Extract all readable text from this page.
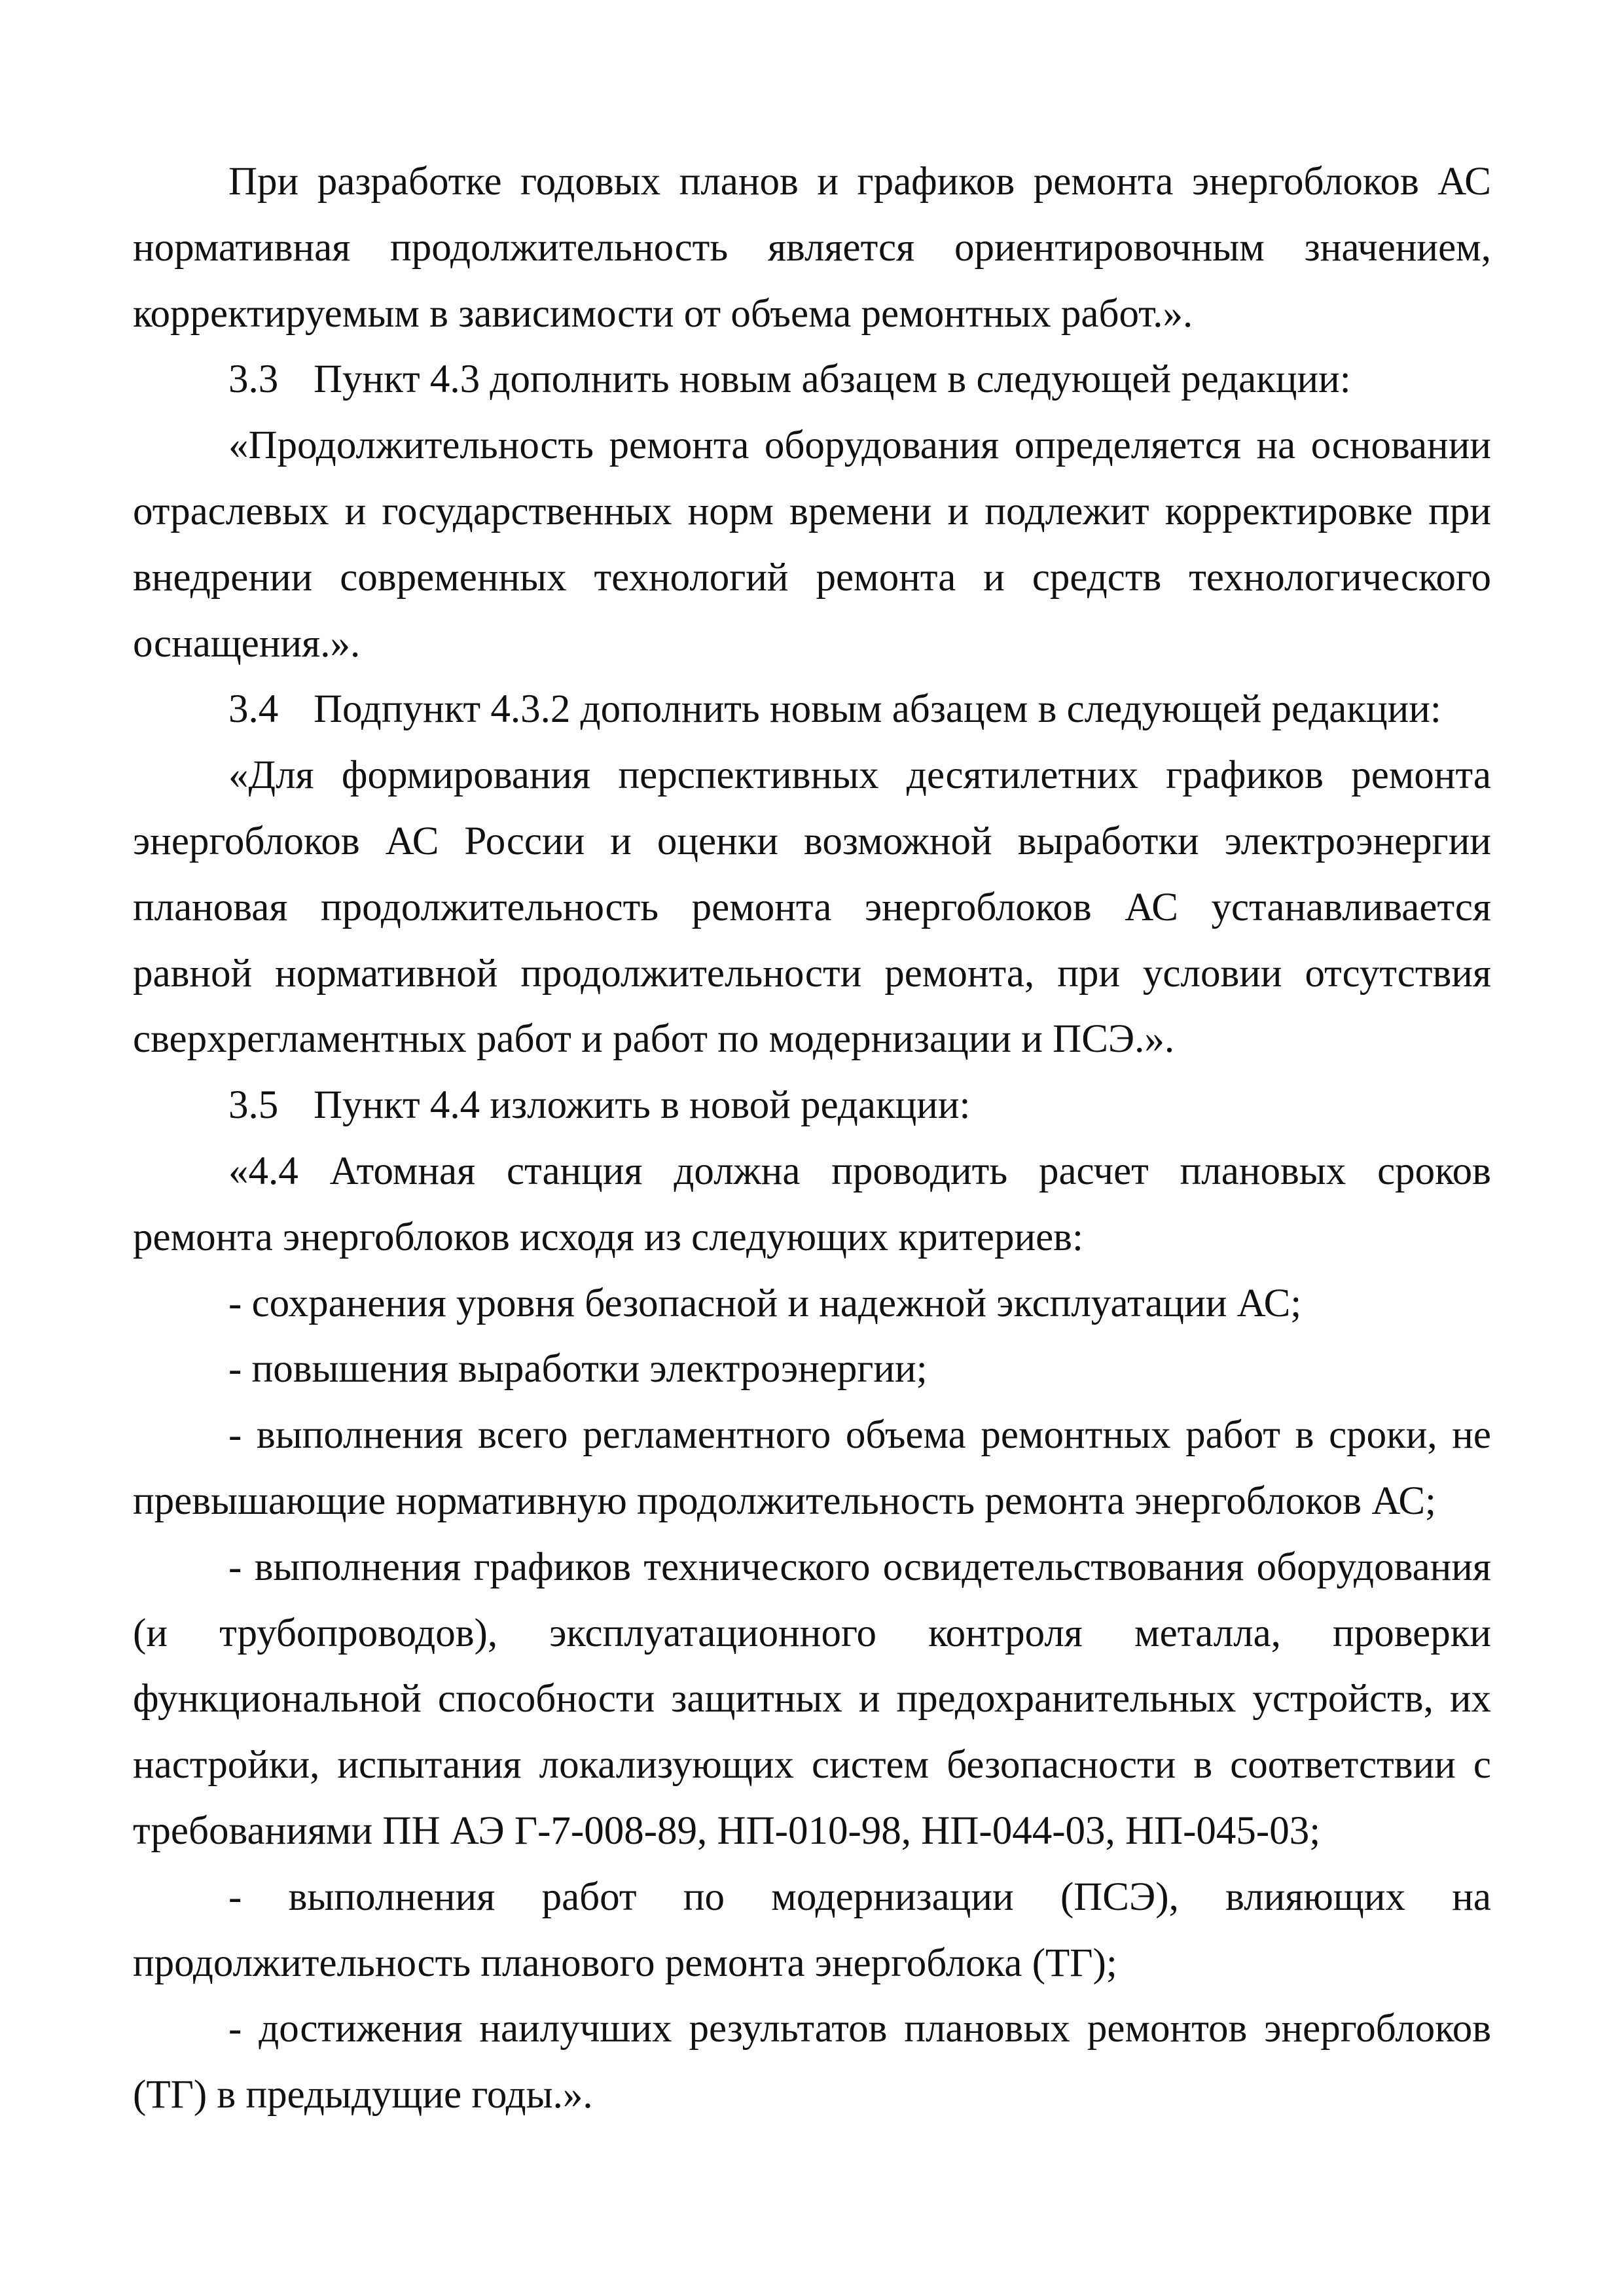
При разработке годовых планов и графиков ремонта энергоблоков АС нормативная продолжительность является ориентировочным значением, корректируемым в зависимости от объема ремонтных работ.».

3.3 Пункт 4.3 дополнить новым абзацем в следующей редакции:

«Продолжительность ремонта оборудования определяется на основании отраслевых и государственных норм времени и подлежит корректировке при внедрении современных технологий ремонта и средств технологического оснащения.».

3.4 Подпункт 4.3.2 дополнить новым абзацем в следующей редакции:

«Для формирования перспективных десятилетних графиков ремонта энергоблоков АС России и оценки возможной выработки электроэнергии плановая продолжительность ремонта энергоблоков АС устанавливается равной нормативной продолжительности ремонта, при условии отсутствия сверхрегламентных работ и работ по модернизации и ПСЭ.».

3.5 Пункт 4.4 изложить в новой редакции:

«4.4 Атомная станция должна проводить расчет плановых сроков ремонта энергоблоков исходя из следующих критериев:

- сохранения уровня безопасной и надежной эксплуатации АС;

- повышения выработки электроэнергии;

- выполнения всего регламентного объема ремонтных работ в сроки, не превышающие нормативную продолжительность ремонта энергоблоков АС;

- выполнения графиков технического освидетельствования оборудования (и трубопроводов), эксплуатационного контроля металла, проверки функциональной способности защитных и предохранительных устройств, их настройки, испытания локализующих систем безопасности в соответствии с требованиями ПН АЭ Г-7-008-89, НП-010-98, НП-044-03, НП-045-03;

- выполнения работ по модернизации (ПСЭ), влияющих на продолжительность планового ремонта энергоблока (ТГ);

- достижения наилучших результатов плановых ремонтов энергоблоков (ТГ) в предыдущие годы.».
